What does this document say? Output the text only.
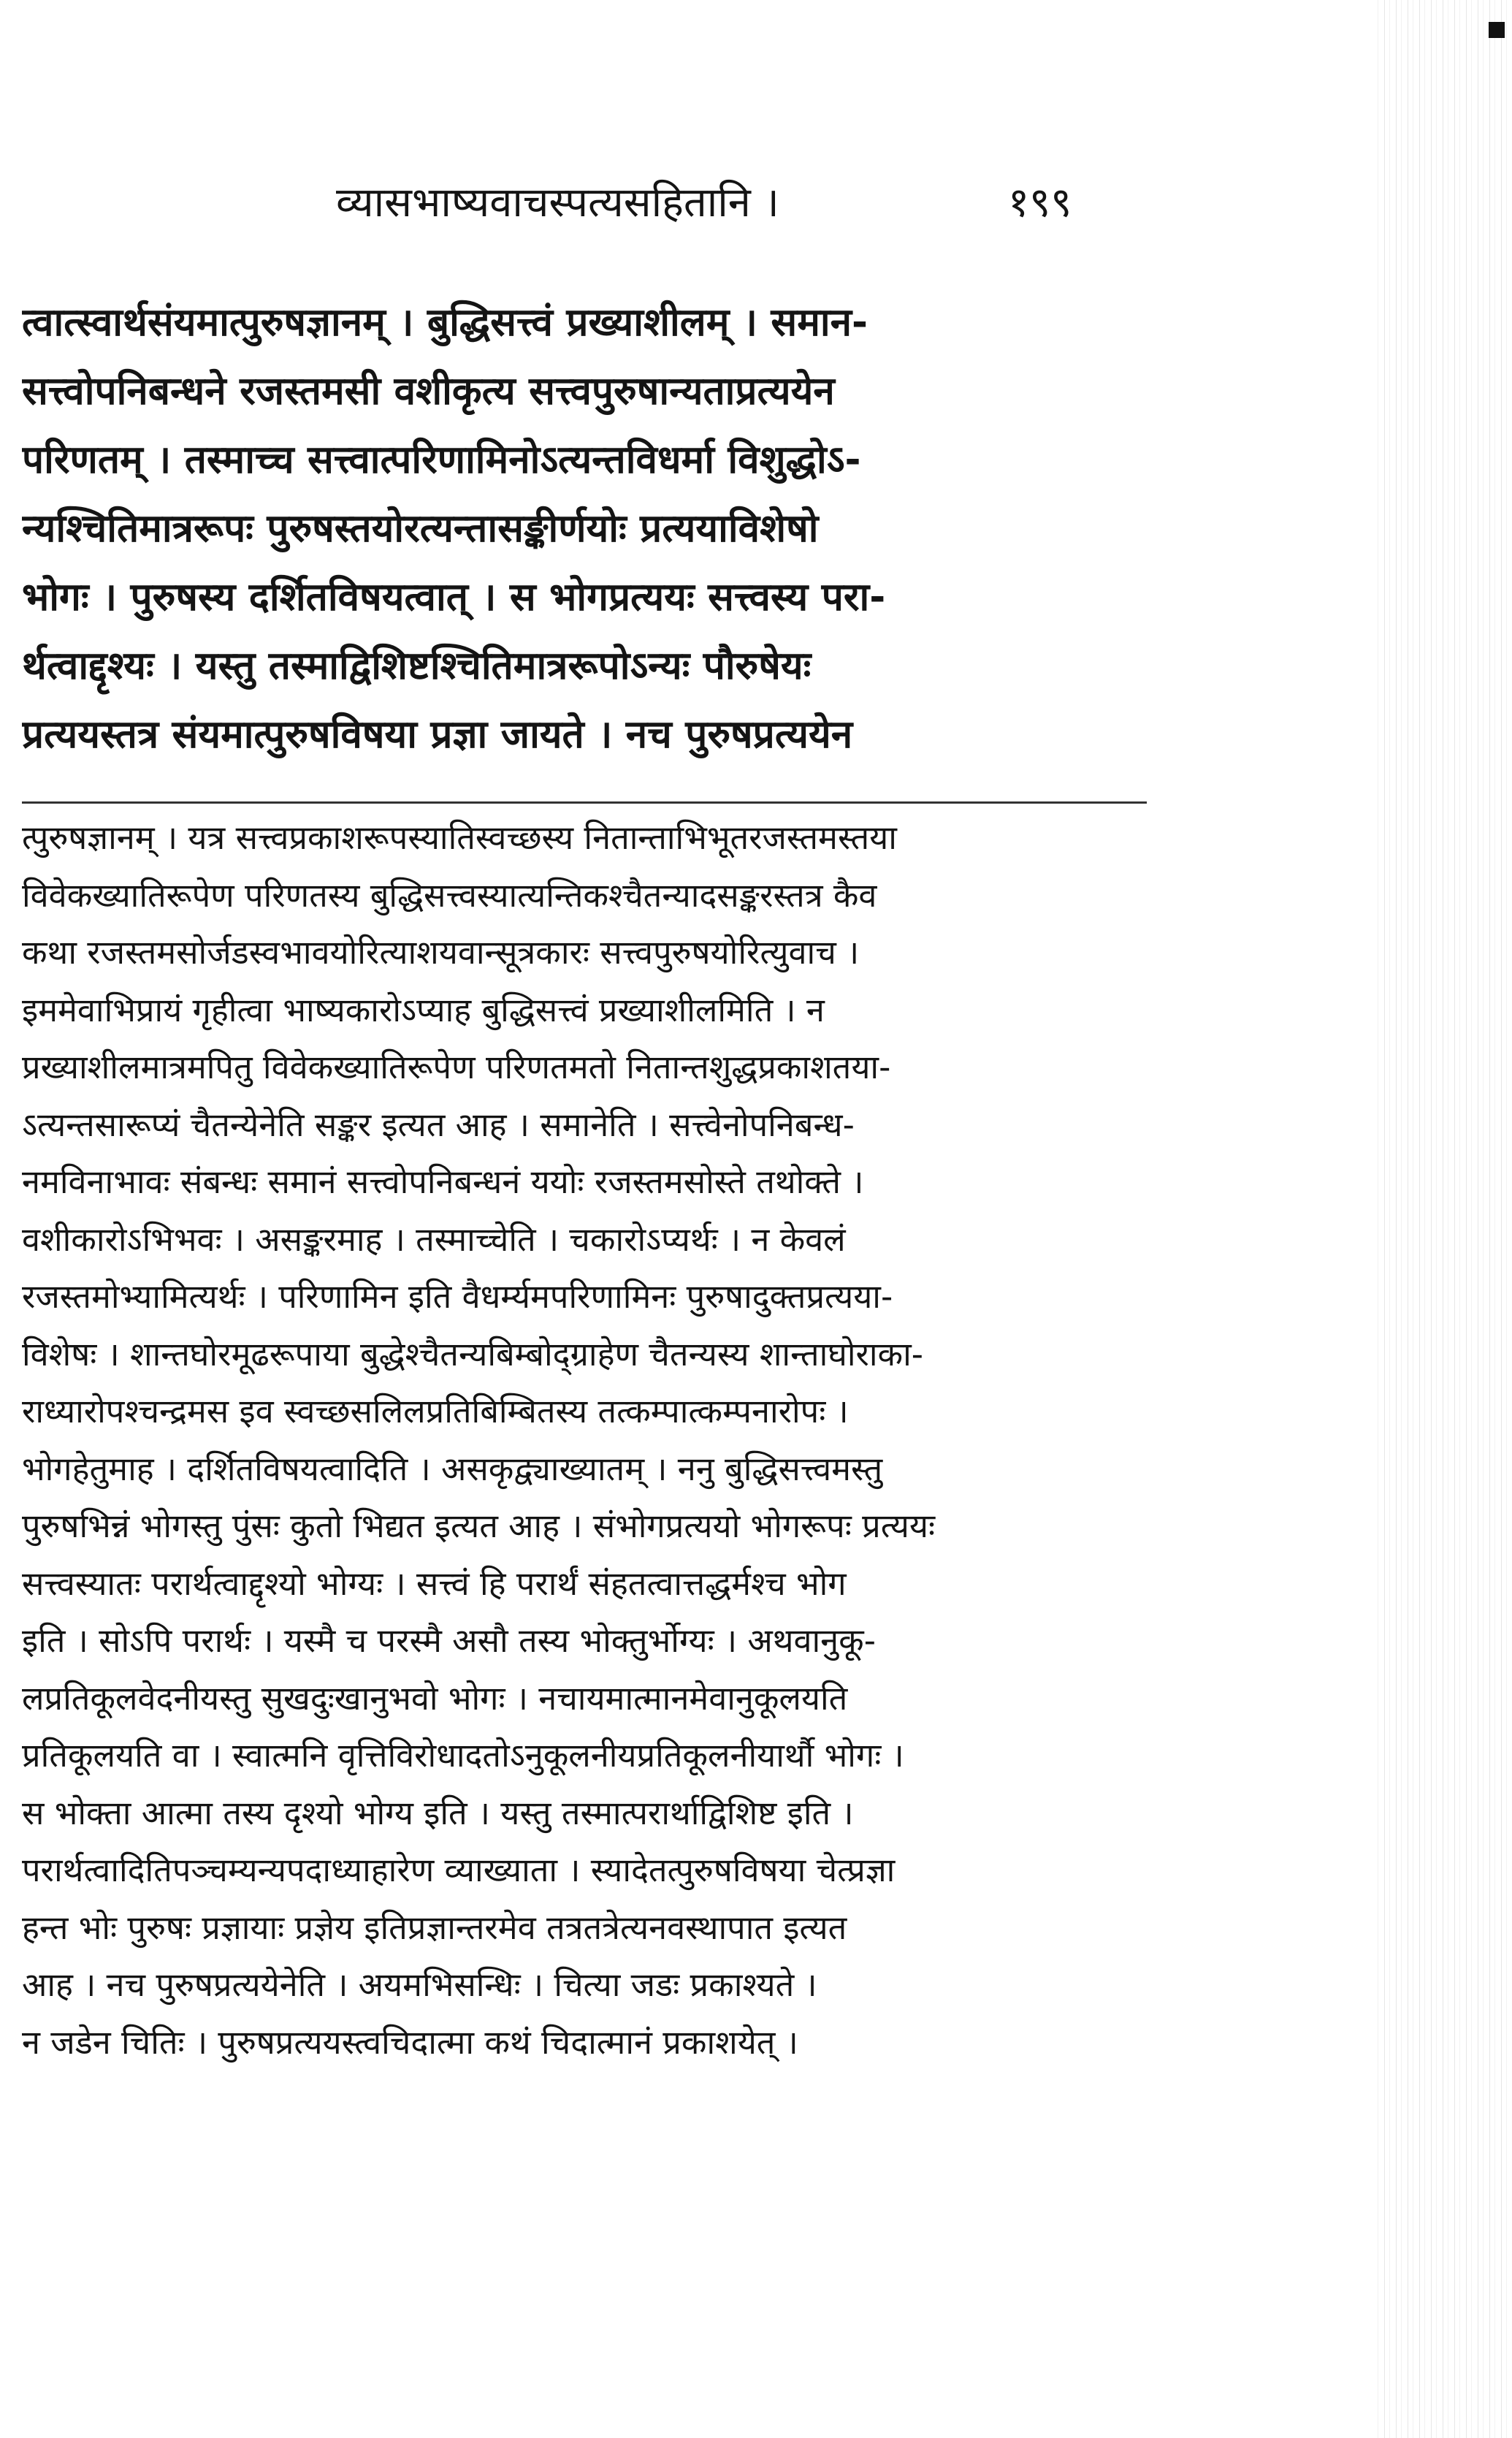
व्यासभाष्यवाचस्पत्यसहितानि ।	१९९
त्वात्स्वार्थसंयमात्पुरुषज्ञानम् । बुद्धिसत्त्वं प्रख्याशीलम् । समान-
सत्त्वोपनिबन्धने रजस्तमसी वशीकृत्य सत्त्वपुरुषान्यताप्रत्ययेन
परिणतम् । तस्माच्च सत्त्वात्परिणामिनोऽत्यन्तविधर्मा विशुद्धोऽ-
न्यश्चितिमात्ररूपः पुरुषस्तयोरत्यन्तासङ्कीर्णयोः प्रत्ययाविशेषो
भोगः । पुरुषस्य दर्शितविषयत्वात् । स भोगप्रत्ययः सत्त्वस्य परा-
र्थत्वाद्दृश्यः । यस्तु तस्माद्विशिष्टश्चितिमात्ररूपोऽन्यः पौरुषेयः
प्रत्ययस्तत्र संयमात्पुरुषविषया प्रज्ञा जायते । नच पुरुषप्रत्ययेन
त्पुरुषज्ञानम् । यत्र सत्त्वप्रकाशरूपस्यातिस्वच्छस्य नितान्ताभिभूतरजस्तमस्तया
विवेकख्यातिरूपेण परिणतस्य बुद्धिसत्त्वस्यात्यन्तिकश्चैतन्यादसङ्करस्तत्र कैव
कथा रजस्तमसोर्जडस्वभावयोरित्याशयवान्सूत्रकारः सत्त्वपुरुषयोरित्युवाच ।
इममेवाभिप्रायं गृहीत्वा भाष्यकारोऽप्याह बुद्धिसत्त्वं प्रख्याशीलमिति । न
प्रख्याशीलमात्रमपितु विवेकख्यातिरूपेण परिणतमतो नितान्तशुद्धप्रकाशतया-
ऽत्यन्तसारूप्यं चैतन्येनेति सङ्कर इत्यत आह । समानेति । सत्त्वेनोपनिबन्ध-
नमविनाभावः संबन्धः समानं सत्त्वोपनिबन्धनं ययोः रजस्तमसोस्ते तथोक्ते ।
वशीकारोऽभिभवः । असङ्करमाह । तस्माच्चेति । चकारोऽप्यर्थः । न केवलं
रजस्तमोभ्यामित्यर्थः । परिणामिन इति वैधर्म्यमपरिणामिनः पुरुषादुक्तप्रत्यया-
विशेषः । शान्तघोरमूढरूपाया बुद्धेश्चैतन्यबिम्बोद्ग्राहेण चैतन्यस्य शान्ताघोराका-
राध्यारोपश्चन्द्रमस इव स्वच्छसलिलप्रतिबिम्बितस्य तत्कम्पात्कम्पनारोपः ।
भोगहेतुमाह । दर्शितविषयत्वादिति । असकृद्व्याख्यातम् । ननु बुद्धिसत्त्वमस्तु
पुरुषभिन्नं भोगस्तु पुंसः कुतो भिद्यत इत्यत आह । संभोगप्रत्ययो भोगरूपः प्रत्ययः
सत्त्वस्यातः परार्थत्वाद्दृश्यो भोग्यः । सत्त्वं हि परार्थं संहतत्वात्तद्धर्मश्च भोग
इति । सोऽपि परार्थः । यस्मै च परस्मै असौ तस्य भोक्तुर्भोग्यः । अथवानुकू-
लप्रतिकूलवेदनीयस्तु सुखदुःखानुभवो भोगः । नचायमात्मानमेवानुकूलयति
प्रतिकूलयति वा । स्वात्मनि वृत्तिविरोधादतोऽनुकूलनीयप्रतिकूलनीयार्थौ भोगः ।
स भोक्ता आत्मा तस्य दृश्यो भोग्य इति । यस्तु तस्मात्परार्थाद्विशिष्ट इति ।
परार्थत्वादितिपञ्चम्यन्यपदाध्याहारेण व्याख्याता । स्यादेतत्पुरुषविषया चेत्प्रज्ञा
हन्त भोः पुरुषः प्रज्ञायाः प्रज्ञेय इतिप्रज्ञान्तरमेव तत्रतत्रेत्यनवस्थापात इत्यत
आह । नच पुरुषप्रत्ययेनेति । अयमभिसन्धिः । चित्या जडः प्रकाश्यते ।
न जडेन चितिः । पुरुषप्रत्ययस्त्वचिदात्मा कथं चिदात्मानं प्रकाशयेत् ।
